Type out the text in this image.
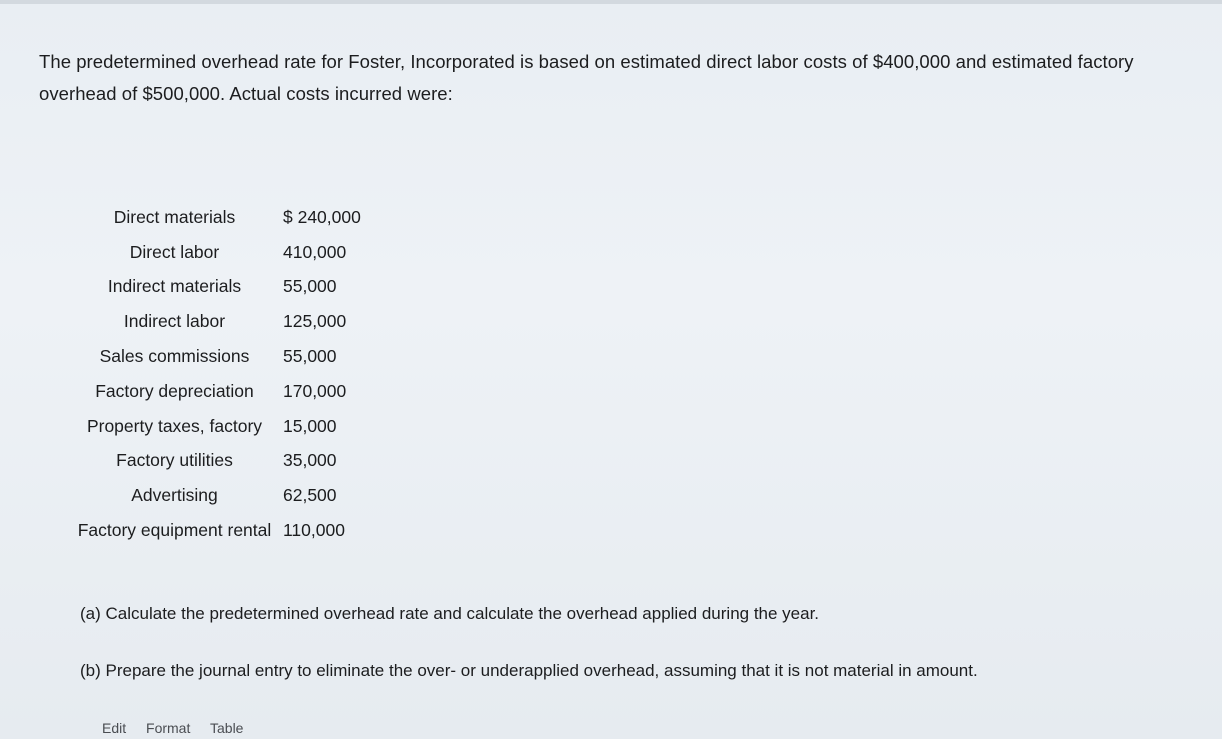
The predetermined overhead rate for Foster, Incorporated is based on estimated direct labor costs of $400,000 and estimated factory overhead of $500,000. Actual costs incurred were:
Direct materials	$ 240,000
Direct labor	410,000
Indirect materials	55,000
Indirect labor	125,000
Sales commissions	55,000
Factory depreciation	170,000
Property taxes, factory	15,000
Factory utilities	35,000
Advertising	62,500
Factory equipment rental	110,000
(a) Calculate the predetermined overhead rate and calculate the overhead applied during the year.
(b) Prepare the journal entry to eliminate the over- or underapplied overhead, assuming that it is not material in amount.
Edit Format Table
